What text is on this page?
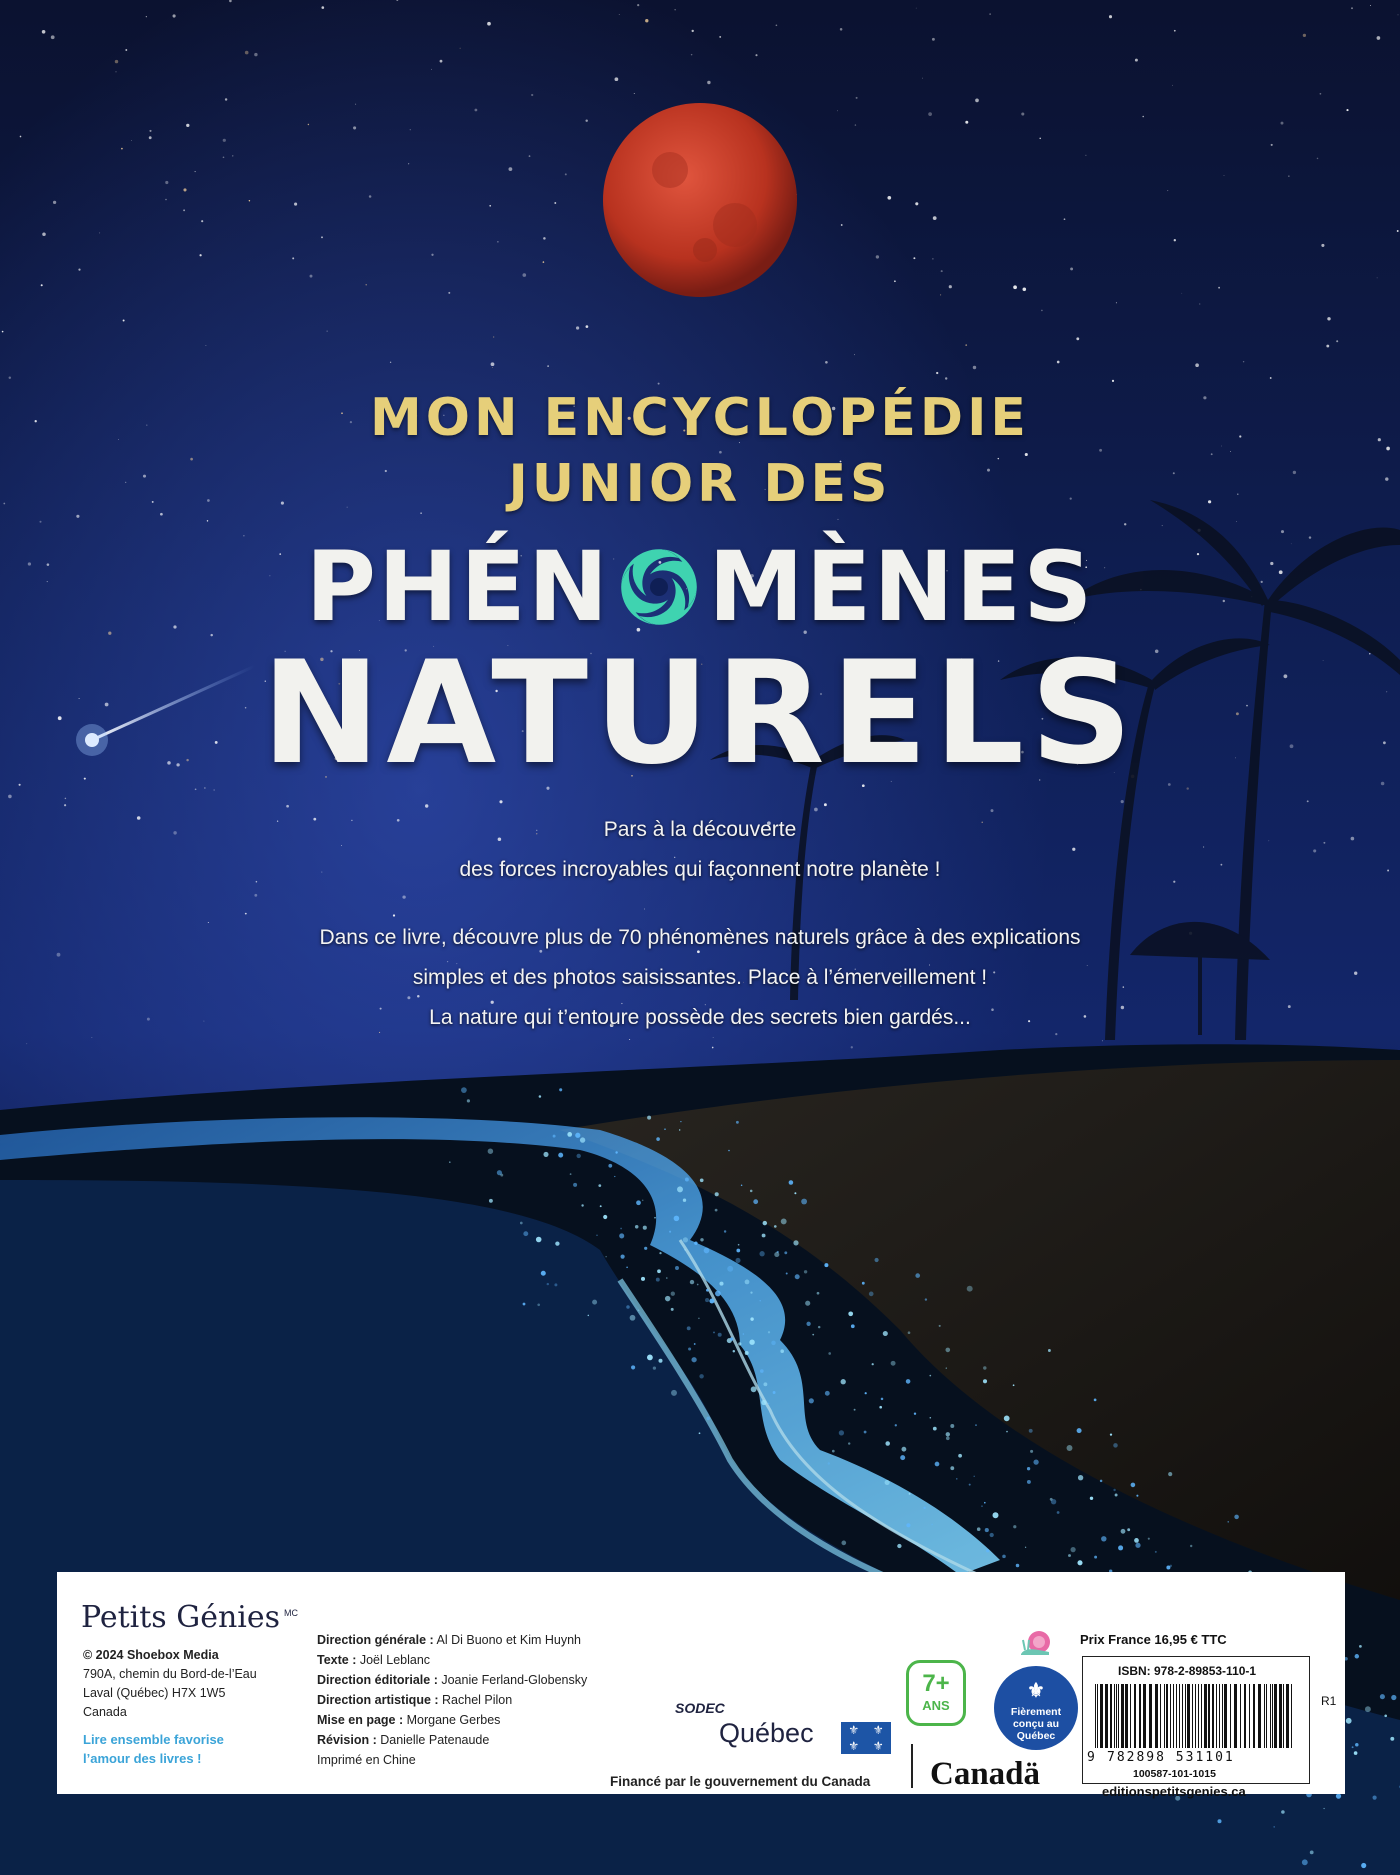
MON ENCYCLOPÉDIE
JUNIOR DES
PHÉN MÈNES
NATURELS

Pars à la découverte

des forces incroyables qui façonnent notre planète !

Dans ce livre, découvre plus de 70 phénomènes naturels grâce à des explications

simples et des photos saisissantes. Place à l’émerveillement !

La nature qui t’entoure possède des secrets bien gardés...

Petits Génies $^{MC}$
© 2024 Shoebox Media
790A, chemin du Bord-de-l’Eau
Laval (Québec) H7X 1W5
Canada
Lire ensemble favorise
l’amour des livres !
Direction générale : Al Di Buono et Kim Huynh
Texte : Joël Leblanc
Direction éditoriale : Joanie Ferland-Globensky
Direction artistique : Rachel Pilon
Mise en page : Morgane Gerbes
Révision : Danielle Patenaude
Imprimé en Chine
SODEC
Québec	⚜	⚜
⚜	⚜
Financé par le gouvernement du Canada Canadä
7+
ANS
⚜
Fièrement conçu au Québec
Prix France 16,95 € TTC
ISBN: 978-2-89853-110-1
9 782898 531101
100587-101-1015
R1
editionspetitsgenies.ca
